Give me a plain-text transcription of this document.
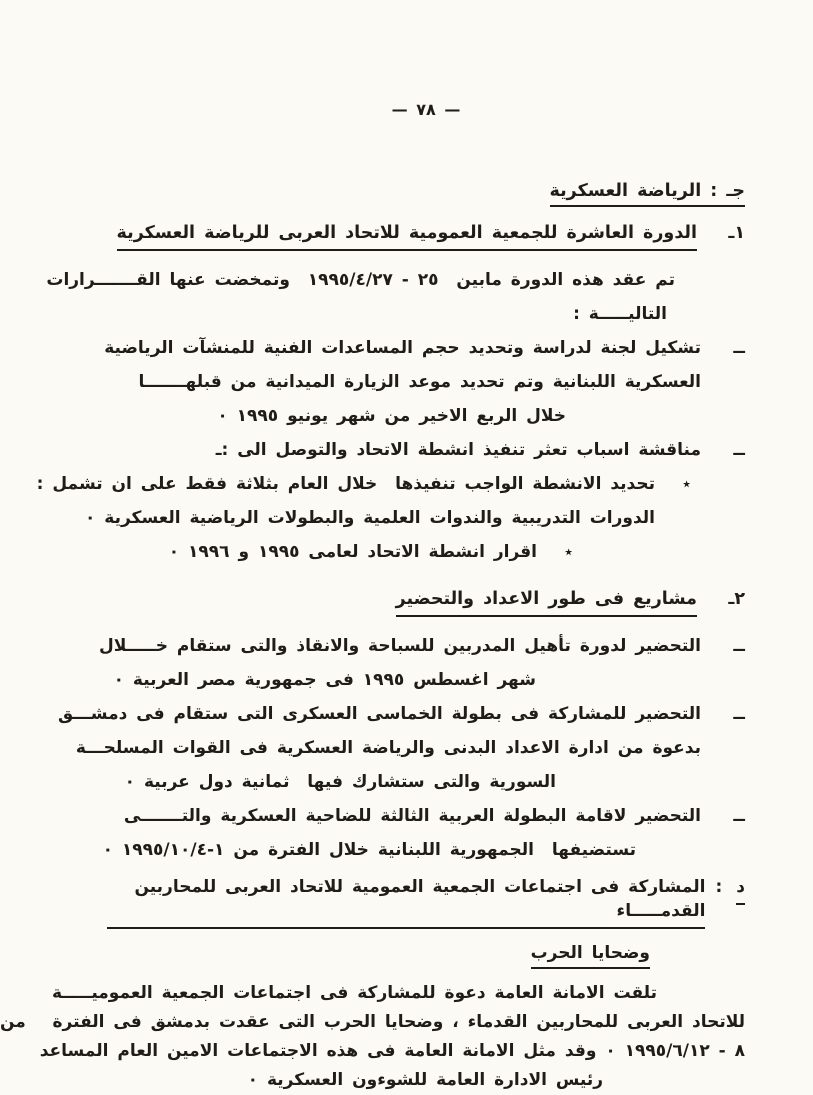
— ٧٨ —
جـ : الرياضة العسكرية
١ـ
الدورة العاشرة للجمعية العمومية للاتحاد العربى للرياضة العسكرية
تم عقد هذه الدورة مابين  ٢٥ - ١٩٩٥/٤/٢٧  وتمخضت عنها القـــــــرارات
التاليـــــة :
ــ
تشكيل لجنة لدراسة وتحديد حجم المساعدات الفنية للمنشآت الرياضية
العسكرية اللبنانية وتم تحديد موعد الزيارة الميدانية من قبلهـــــــا
خلال الربع الاخير من شهر يونيو ١٩٩٥ ٠
ــ
مناقشة اسباب تعثر تنفيذ انشطة الاتحاد والتوصل الى :ـ
٭
تحديد الانشطة الواجب تنفيذها  خلال العام بثلاثة فقط على ان تشمل :
الدورات التدريبية والندوات العلمية والبطولات الرياضية العسكرية ٠
٭
اقرار انشطة الاتحاد لعامى ١٩٩٥ و ١٩٩٦ ٠
٢ـ
مشاريع فى طور الاعداد والتحضير
ــ
التحضير لدورة تأهيل المدربين للسباحة والانقاذ والتى ستقام خـــــلال
شهر اغسطس ١٩٩٥ فى جمهورية مصر العربية ٠
ــ
التحضير للمشاركة فى بطولة الخماسى العسكرى التى ستقام فى دمشـــق
بدعوة من ادارة الاعداد البدنى والرياضة العسكرية فى القوات المسلحـــة
السورية والتى ستشارك فيها  ثمانية دول عربية ٠
ــ
التحضير لاقامة البطولة العربية الثالثة للضاحية العسكرية والتـــــــى
تستضيفها  الجمهورية اللبنانية خلال الفترة من ١-١٩٩٥/١٠/٤ ٠
د
:
المشاركة فى اجتماعات الجمعية العمومية للاتحاد العربى للمحاربين القدمـــــاء
وضحايا الحرب
تلقت الامانة العامة دعوة للمشاركة فى اجتماعات الجمعية العموميـــــة
للاتحاد العربى للمحاربين القدماء ، وضحايا الحرب التى عقدت بدمشق فى الفترة   من
٨ - ١٩٩٥/٦/١٢ ٠ وقد مثل الامانة العامة فى هذه الاجتماعات الامين العام المساعد
رئيس الادارة العامة للشوءون العسكرية ٠
